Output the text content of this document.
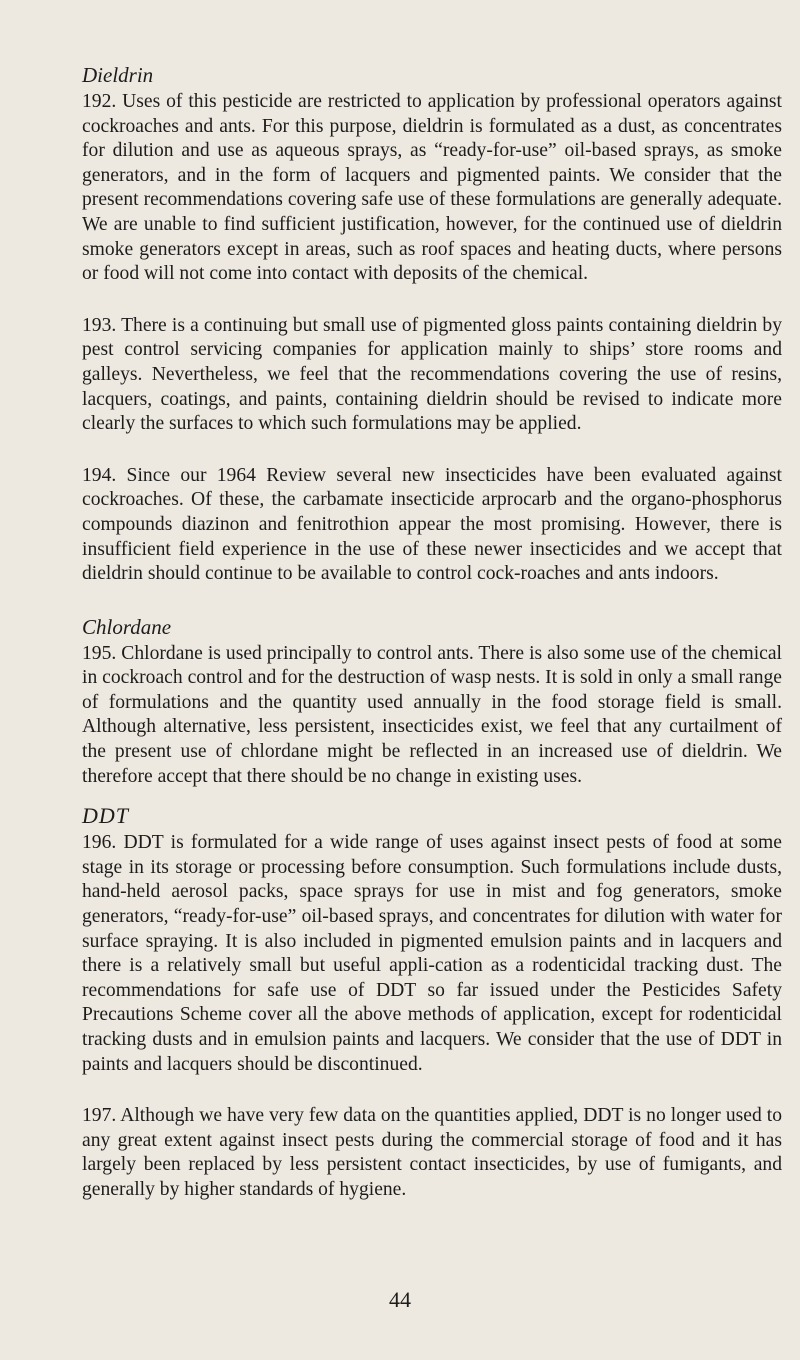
Dieldrin

192. Uses of this pesticide are restricted to application by professional operators against cockroaches and ants. For this purpose, dieldrin is formulated as a dust, as concentrates for dilution and use as aqueous sprays, as “ready-for-use” oil-based sprays, as smoke generators, and in the form of lacquers and pigmented paints. We consider that the present recommendations covering safe use of these formulations are generally adequate. We are unable to find sufficient justification, however, for the continued use of dieldrin smoke generators except in areas, such as roof spaces and heating ducts, where persons or food will not come into contact with deposits of the chemical.

193. There is a continuing but small use of pigmented gloss paints containing dieldrin by pest control servicing companies for application mainly to ships’ store rooms and galleys. Nevertheless, we feel that the recommendations covering the use of resins, lacquers, coatings, and paints, containing dieldrin should be revised to indicate more clearly the surfaces to which such formulations may be applied.

194. Since our 1964 Review several new insecticides have been evaluated against cockroaches. Of these, the carbamate insecticide arprocarb and the organo-phosphorus compounds diazinon and fenitrothion appear the most promising. However, there is insufficient field experience in the use of these newer insecticides and we accept that dieldrin should continue to be available to control cock-roaches and ants indoors.

Chlordane

195. Chlordane is used principally to control ants. There is also some use of the chemical in cockroach control and for the destruction of wasp nests. It is sold in only a small range of formulations and the quantity used annually in the food storage field is small. Although alternative, less persistent, insecticides exist, we feel that any curtailment of the present use of chlordane might be reflected in an increased use of dieldrin. We therefore accept that there should be no change in existing uses.

DDT

196. DDT is formulated for a wide range of uses against insect pests of food at some stage in its storage or processing before consumption. Such formulations include dusts, hand-held aerosol packs, space sprays for use in mist and fog generators, smoke generators, “ready-for-use” oil-based sprays, and concentrates for dilution with water for surface spraying. It is also included in pigmented emulsion paints and in lacquers and there is a relatively small but useful appli-cation as a rodenticidal tracking dust. The recommendations for safe use of DDT so far issued under the Pesticides Safety Precautions Scheme cover all the above methods of application, except for rodenticidal tracking dusts and in emulsion paints and lacquers. We consider that the use of DDT in paints and lacquers should be discontinued.

197. Although we have very few data on the quantities applied, DDT is no longer used to any great extent against insect pests during the commercial storage of food and it has largely been replaced by less persistent contact insecticides, by use of fumigants, and generally by higher standards of hygiene.

44
